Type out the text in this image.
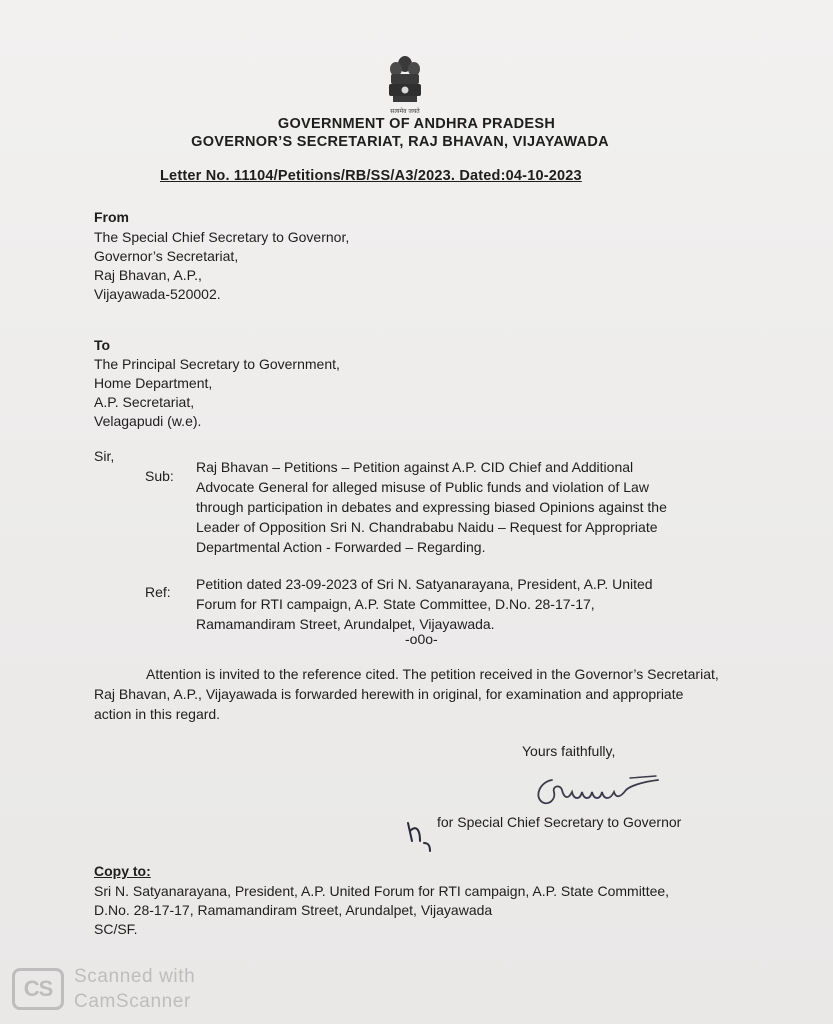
सत्यमेव जयते
GOVERNMENT OF ANDHRA PRADESH
GOVERNOR’S SECRETARIAT, RAJ BHAVAN, VIJAYAWADA
Letter No. 11104/Petitions/RB/SS/A3/2023. Dated:04-10-2023
From
The Special Chief Secretary to Governor,
Governor’s Secretariat,
Raj Bhavan, A.P.,
Vijayawada-520002.
To
The Principal Secretary to Government,
Home Department,
A.P. Secretariat,
Velagapudi (w.e).
Sir,
Sub:
Raj Bhavan – Petitions – Petition against A.P. CID Chief and Additional Advocate General for alleged misuse of Public funds and violation of Law through participation in debates and expressing biased Opinions against the Leader of Opposition Sri N. Chandrababu Naidu – Request for Appropriate Departmental Action - Forwarded – Regarding.
Ref: Petition dated 23-09-2023 of Sri N. Satyanarayana, President, A.P. United Forum for RTI campaign, A.P. State Committee, D.No. 28-17-17, Ramamandiram Street, Arundalpet, Vijayawada.
-o0o-
Attention is invited to the reference cited. The petition received in the Governor’s Secretariat, Raj Bhavan, A.P., Vijayawada is forwarded herewith in original, for examination and appropriate action in this regard.
Yours faithfully,
for Special Chief Secretary to Governor
Copy to:
Sri N. Satyanarayana, President, A.P. United Forum for RTI campaign, A.P. State Committee,
D.No. 28-17-17, Ramamandiram Street, Arundalpet, Vijayawada
SC/SF.
CS	Scanned with
CamScanner
